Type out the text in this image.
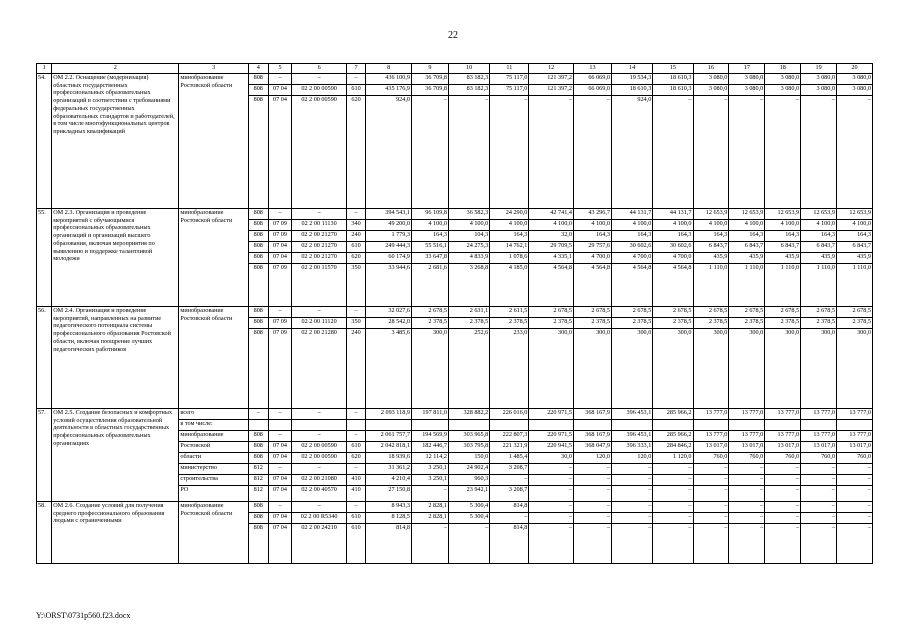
22
1	2	3	4	5	6	7	8	9	10	11	12	13	14	15	16	17	18	19	20
54.	ОМ 2.2. Оснащение (модернизация) областных государственных профессиональных образовательных организаций в соответствии с требованиями федеральных государственных образовательных стандартов и работодателей, в том числе многофункциональных центров прикладных квалификаций	минобразование Ростовской области	808	–	–	–	436 100,9	36 709,8	83 182,3	75 117,0	121 397,2	66 069,0	19 534,3	18 610,3	3 080,0	3 080,0	3 080,0	3 080,0	3 080,0
			808	07 04	02 2 00 00590	610	435 176,9	36 709,8	83 182,3	75 117,0	121 397,2	66 069,0	18 610,3	18 610,3	3 080,0	3 080,0	3 080,0	3 080,0	3 080,0
			808	07 04	02 2 00 00590	620	924,0	–	–	–	–	–	924,0	–	–	–	–	–	–
55.	ОМ 2.3. Организация и проведение мероприятий с обучающимися профессиональных образовательных организаций и организаций высшего образования, включая мероприятия по выявлению и поддержке талантливой молодежи	минобразование Ростовской области	808	–	–	–	394 543,1	96 109,8	36 582,3	24 290,0	42 741,4	43 296,7	44 131,7	44 131,7	12 653,9	12 653,9	12 653,9	12 653,9	12 653,9
			808	07 09	02 2 00 11130	340	49 200,0	4 100,0	4 100,0	4 100,0	4 100,0	4 100,0	4 100,0	4 100,0	4 100,0	4 100,0	4 100,0	4 100,0	4 100,0
			808	07 09	02 2 00 21270	240	1 779,3	164,3	104,3	164,3	32,0	164,3	164,3	164,3	164,3	164,3	164,3	164,3	164,3
			808	07 04	02 2 00 21270	610	249 444,3	55 516,1	24 275,3	14 762,1	29 709,5	29 757,6	30 602,6	30 602,6	6 843,7	6 843,7	6 843,7	6 843,7	6 843,7
			808	07 04	02 2 00 21270	620	60 174,9	33 647,8	4 833,9	1 078,6	4 335,1	4 700,0	4 700,0	4 700,0	435,9	435,9	435,9	435,9	435,9
			808	07 09	02 2 00 11570	350	33 944,6	2 681,6	3 268,8	4 185,0	4 564,8	4 564,8	4 564,8	4 564,8	1 110,0	1 110,0	1 110,0	1 110,0	1 110,0
56.	ОМ 2.4. Организация и проведение мероприятий, направленных на развитие педагогического потенциала системы профессионального образования Ростовской области, включая поощрение лучших педагогических работников	минобразование Ростовской области	808	–	–	–	32 027,6	2 678,5	2 631,1	2 611,5	2 678,5	2 678,5	2 678,5	2 678,5	2 678,5	2 678,5	2 678,5	2 678,5	2 678,5
			808	07 09	02 2 00 11120	350	28 542,0	2 378,5	2 378,5	2 378,5	2 378,5	2 378,5	2 378,5	2 378,5	2 378,5	2 378,5	2 378,5	2 378,5	2 378,5
			808	07 09	02 2 00 21280	240	3 485,6	300,0	252,6	233,0	300,0	300,0	300,0	300,0	300,0	300,0	300,0	300,0	300,0
57.	ОМ 2.5. Создание безопасных и комфортных условий осуществления образовательной деятельности в областных государственных профессиональных образовательных организациях	всего	–	–	–	–	2 093 118,9	197 811,0	328 882,2	226 016,0	220 971,5	368 167,9	396 453,1	285 966,2	13 777,0	13 777,0	13 777,0	13 777,0	13 777,0
		в том числе:																	
		минобразование	808	–	–	–	2 061 757,7	194 569,9	303 965,8	222 807,3	220 971,5	368 167,9	396 453,1	285 966,2	13 777,0	13 777,0	13 777,0	13 777,0	13 777,0
		Ростовской	808	07 04	02 2 00 00590	610	2 042 818,1	182 446,7	303 795,8	221 321,9	220 941,5	368 047,9	396 333,1	284 846,2	13 017,0	13 017,0	13 017,0	13 017,0	13 017,0
		области	808	07 04	02 2 00 00590	620	18 939,6	12 114,2	150,0	1 485,4	30,0	120,0	120,0	1 120,0	760,0	760,0	760,0	760,0	760,0
		министерство	812	–	–	–	31 361,2	3 250,1	24 902,4	3 208,7	–	–	–	–	–	–	–	–	–
		строительства	812	07 04	02 2 00 21080	410	4 210,4	3 250,1	960,3	–	–	–	–	–	–	–	–	–	–
		РО	812	07 04	02 2 00 40570	410	27 150,8	–	23 942,1	3 208,7	–	–	–	–	–	–	–	–	–
58.	ОМ 2.6. Создание условий для получения среднего профессионального образования людьми с ограниченными	минобразование Ростовской области	808	–	–	–	8 943,3	2 828,1	5 300,4	814,8	–	–	–	–	–	–	–	–	–
			808	07 04	02 2 00 R5340	610	8 128,5	2 828,1	5 300,4	–	–	–	–	–	–	–	–	–	–
			808	07 04	02 2 00 24210	610	814,8	–	–	814,8	–	–	–	–	–	–	–	–	–
Y:\ORST\0731p560.f23.docx
